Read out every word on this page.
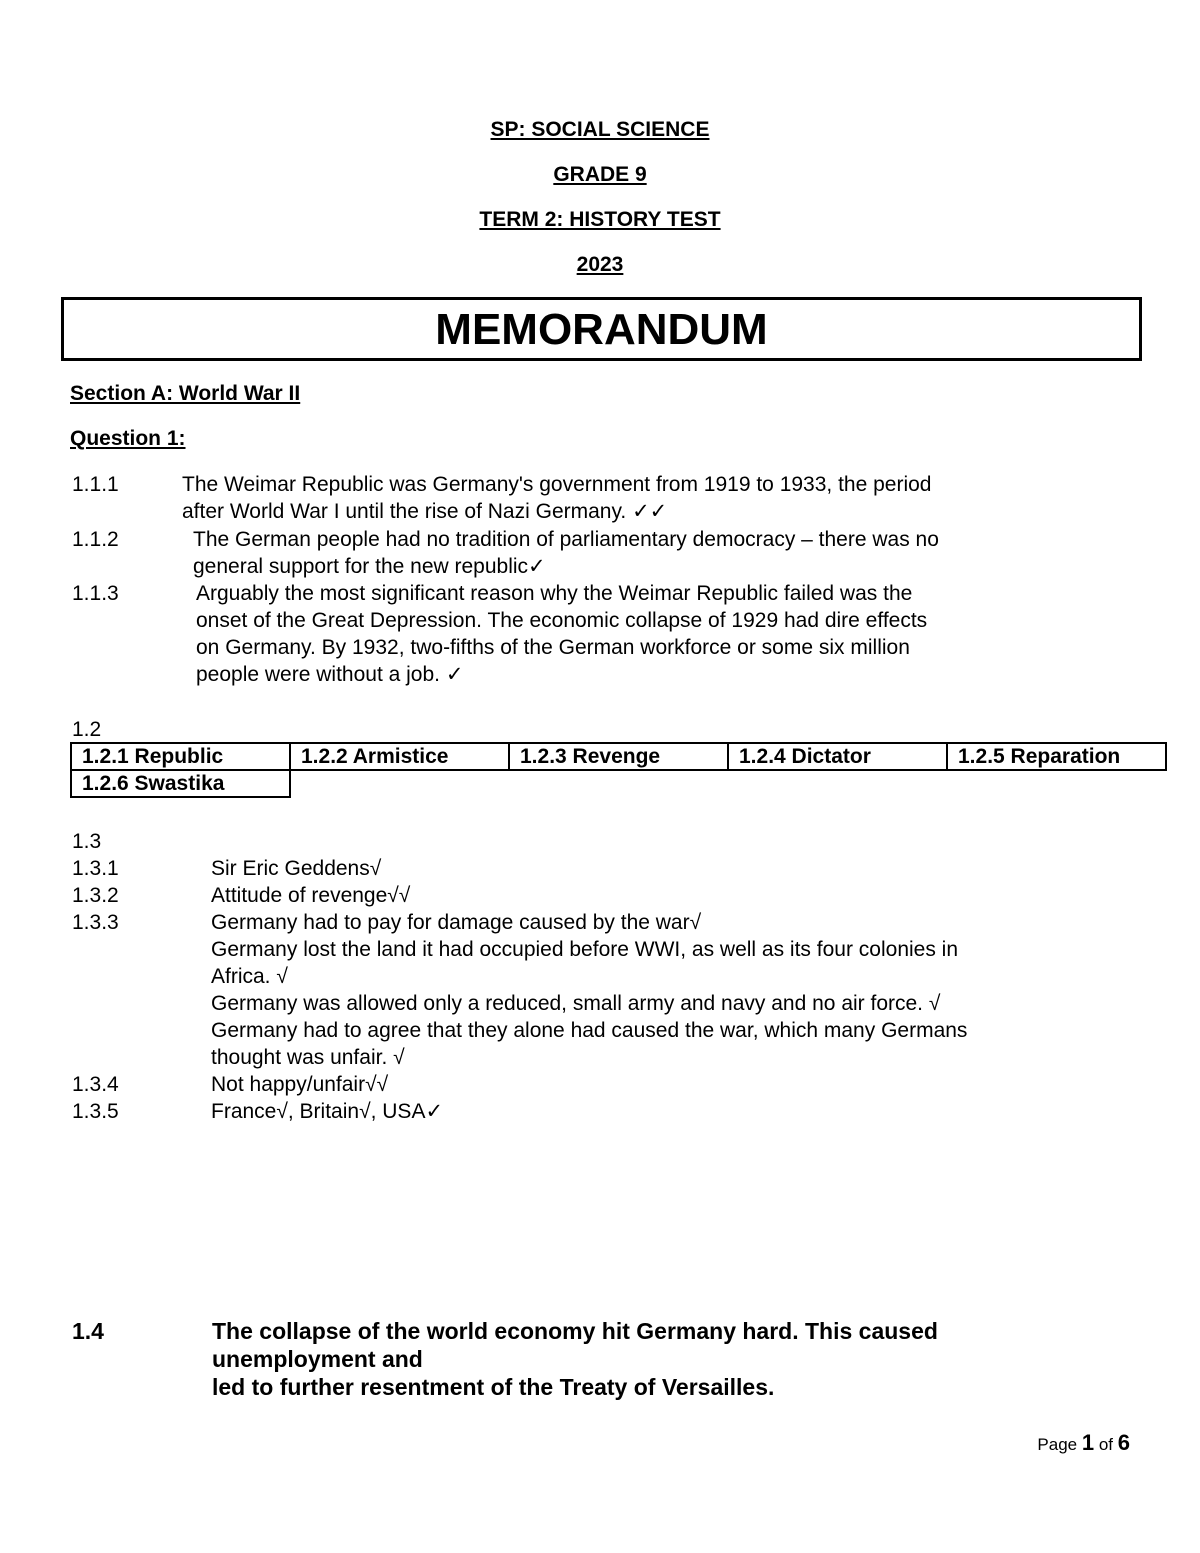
SP: SOCIAL SCIENCE
GRADE 9
TERM 2: HISTORY TEST
2023
MEMORANDUM
Section A: World War II
Question 1:
1.1.1	The Weimar Republic was Germany's government from 1919 to 1933, the period
after World War I until the rise of Nazi Germany. ✓✓
1.1.2	The German people had no tradition of parliamentary democracy – there was no
general support for the new republic✓
1.1.3	Arguably the most significant reason why the Weimar Republic failed was the
onset of the Great Depression. The economic collapse of 1929 had dire effects
on Germany. By 1932, two-fifths of the German workforce or some six million
people were without a job. ✓
1.2
1.2.1 Republic	1.2.2 Armistice	1.2.3 Revenge	1.2.4 Dictator	1.2.5 Reparation
1.2.6 Swastika				
1.3
1.3.1	Sir Eric Geddens√
1.3.2	Attitude of revenge√√
1.3.3	Germany had to pay for damage caused by the war√
Germany lost the land it had occupied before WWI, as well as its four colonies in
Africa. √
Germany was allowed only a reduced, small army and navy and no air force. √
Germany had to agree that they alone had caused the war, which many Germans
thought was unfair. √
1.3.4	Not happy/unfair√√
1.3.5	France√, Britain√, USA✓
1.4	The collapse of the world economy hit Germany hard. This caused
unemployment and
led to further resentment of the Treaty of Versailles.
Page 1 of 6
